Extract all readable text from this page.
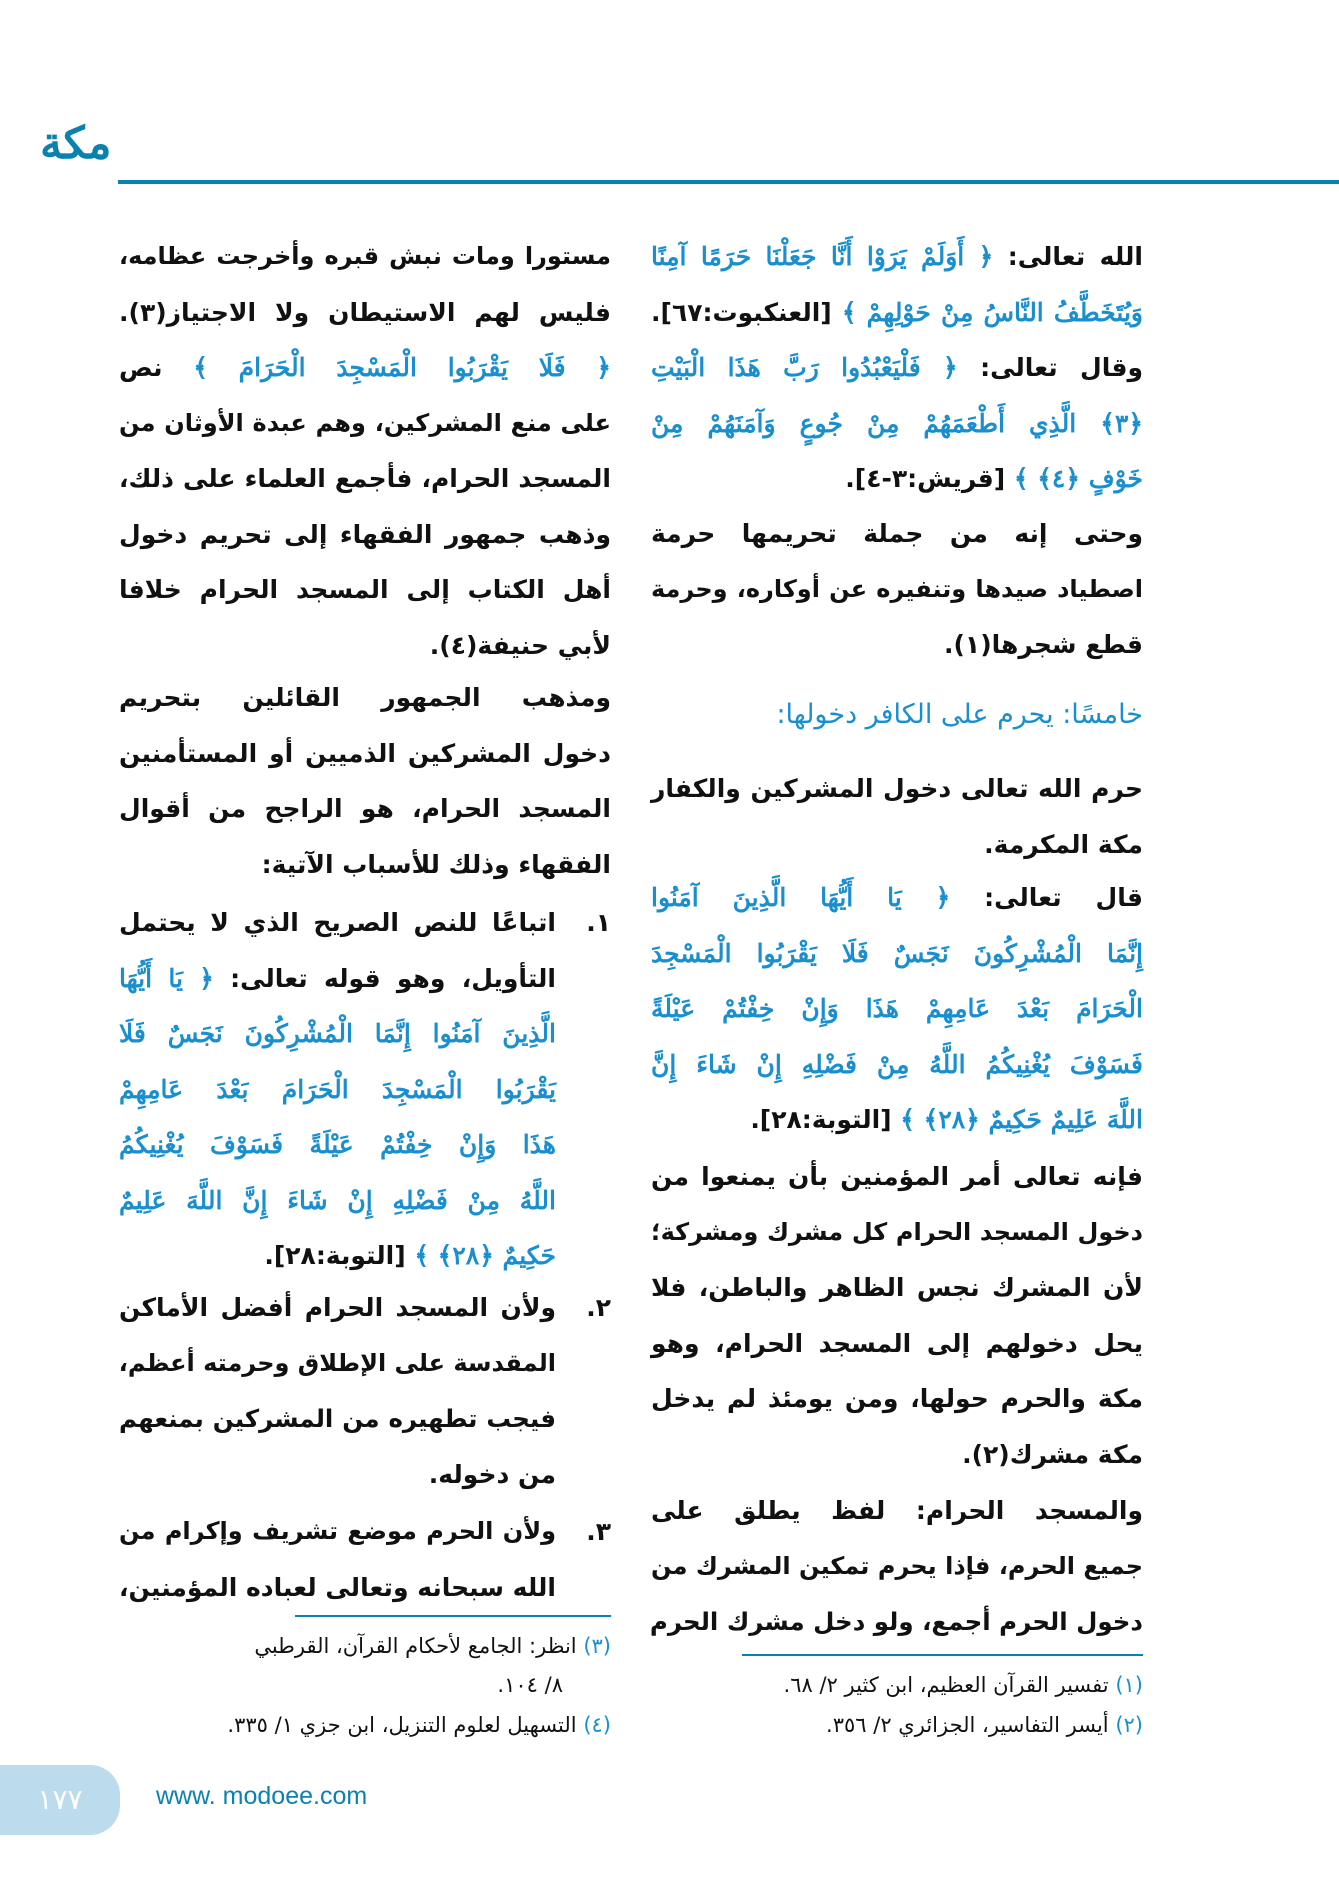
مكة
الله تعالى: ﴿ أَوَلَمْ يَرَوْا أَنَّا جَعَلْنَا حَرَمًا آمِنًا
وَيُتَخَطَّفُ النَّاسُ مِنْ حَوْلِهِمْ ﴾ [العنكبوت:٦٧].
وقال تعالى: ﴿ فَلْيَعْبُدُوا رَبَّ هَذَا الْبَيْتِ
﴿٣﴾ الَّذِي أَطْعَمَهُمْ مِنْ جُوعٍ وَآمَنَهُمْ مِنْ
خَوْفٍ ﴿٤﴾ ﴾ [قريش:٣-٤].
وحتى إنه من جملة تحريمها حرمة
اصطياد صيدها وتنفيره عن أوكاره، وحرمة
قطع شجرها(١).
خامسًا: يحرم على الكافر دخولها:
حرم الله تعالى دخول المشركين والكفار
مكة المكرمة.
قال تعالى: ﴿ يَا أَيُّهَا الَّذِينَ آمَنُوا
إِنَّمَا الْمُشْرِكُونَ نَجَسٌ فَلَا يَقْرَبُوا الْمَسْجِدَ
الْحَرَامَ بَعْدَ عَامِهِمْ هَذَا وَإِنْ خِفْتُمْ عَيْلَةً
فَسَوْفَ يُغْنِيكُمُ اللَّهُ مِنْ فَضْلِهِ إِنْ شَاءَ إِنَّ
اللَّهَ عَلِيمٌ حَكِيمٌ ﴿٢٨﴾ ﴾ [التوبة:٢٨].
فإنه تعالى أمر المؤمنين بأن يمنعوا من
دخول المسجد الحرام كل مشرك ومشركة؛
لأن المشرك نجس الظاهر والباطن، فلا
يحل دخولهم إلى المسجد الحرام، وهو
مكة والحرم حولها، ومن يومئذ لم يدخل
مكة مشرك(٢).
والمسجد الحرام: لفظ يطلق على
جميع الحرم، فإذا يحرم تمكين المشرك من
دخول الحرم أجمع، ولو دخل مشرك الحرم
مستورا ومات نبش قبره وأخرجت عظامه،
فليس لهم الاستيطان ولا الاجتياز(٣).
﴿ فَلَا يَقْرَبُوا الْمَسْجِدَ الْحَرَامَ ﴾ نص
على منع المشركين، وهم عبدة الأوثان من
المسجد الحرام، فأجمع العلماء على ذلك،
وذهب جمهور الفقهاء إلى تحريم دخول
أهل الكتاب إلى المسجد الحرام خلافا
لأبي حنيفة(٤).
ومذهب الجمهور القائلين بتحريم
دخول المشركين الذميين أو المستأمنين
المسجد الحرام، هو الراجح من أقوال
الفقهاء وذلك للأسباب الآتية:
١.
اتباعًا للنص الصريح الذي لا يحتمل
التأويل، وهو قوله تعالى: ﴿ يَا أَيُّهَا
الَّذِينَ آمَنُوا إِنَّمَا الْمُشْرِكُونَ نَجَسٌ فَلَا
يَقْرَبُوا الْمَسْجِدَ الْحَرَامَ بَعْدَ عَامِهِمْ
هَذَا وَإِنْ خِفْتُمْ عَيْلَةً فَسَوْفَ يُغْنِيكُمُ
اللَّهُ مِنْ فَضْلِهِ إِنْ شَاءَ إِنَّ اللَّهَ عَلِيمٌ
حَكِيمٌ ﴿٢٨﴾ ﴾ [التوبة:٢٨].
٢.
ولأن المسجد الحرام أفضل الأماكن
المقدسة على الإطلاق وحرمته أعظم،
فيجب تطهيره من المشركين بمنعهم
من دخوله.
٣.
ولأن الحرم موضع تشريف وإكرام من
الله سبحانه وتعالى لعباده المؤمنين،
(١) تفسير القرآن العظيم، ابن كثير ٢/ ٦٨.
(٢) أيسر التفاسير، الجزائري ٢/ ٣٥٦.
(٣) انظر: الجامع لأحكام القرآن، القرطبي
٨/ ١٠٤.
(٤) التسهيل لعلوم التنزيل، ابن جزي ١/ ٣٣٥.
١٧٧	www. modoee.com
